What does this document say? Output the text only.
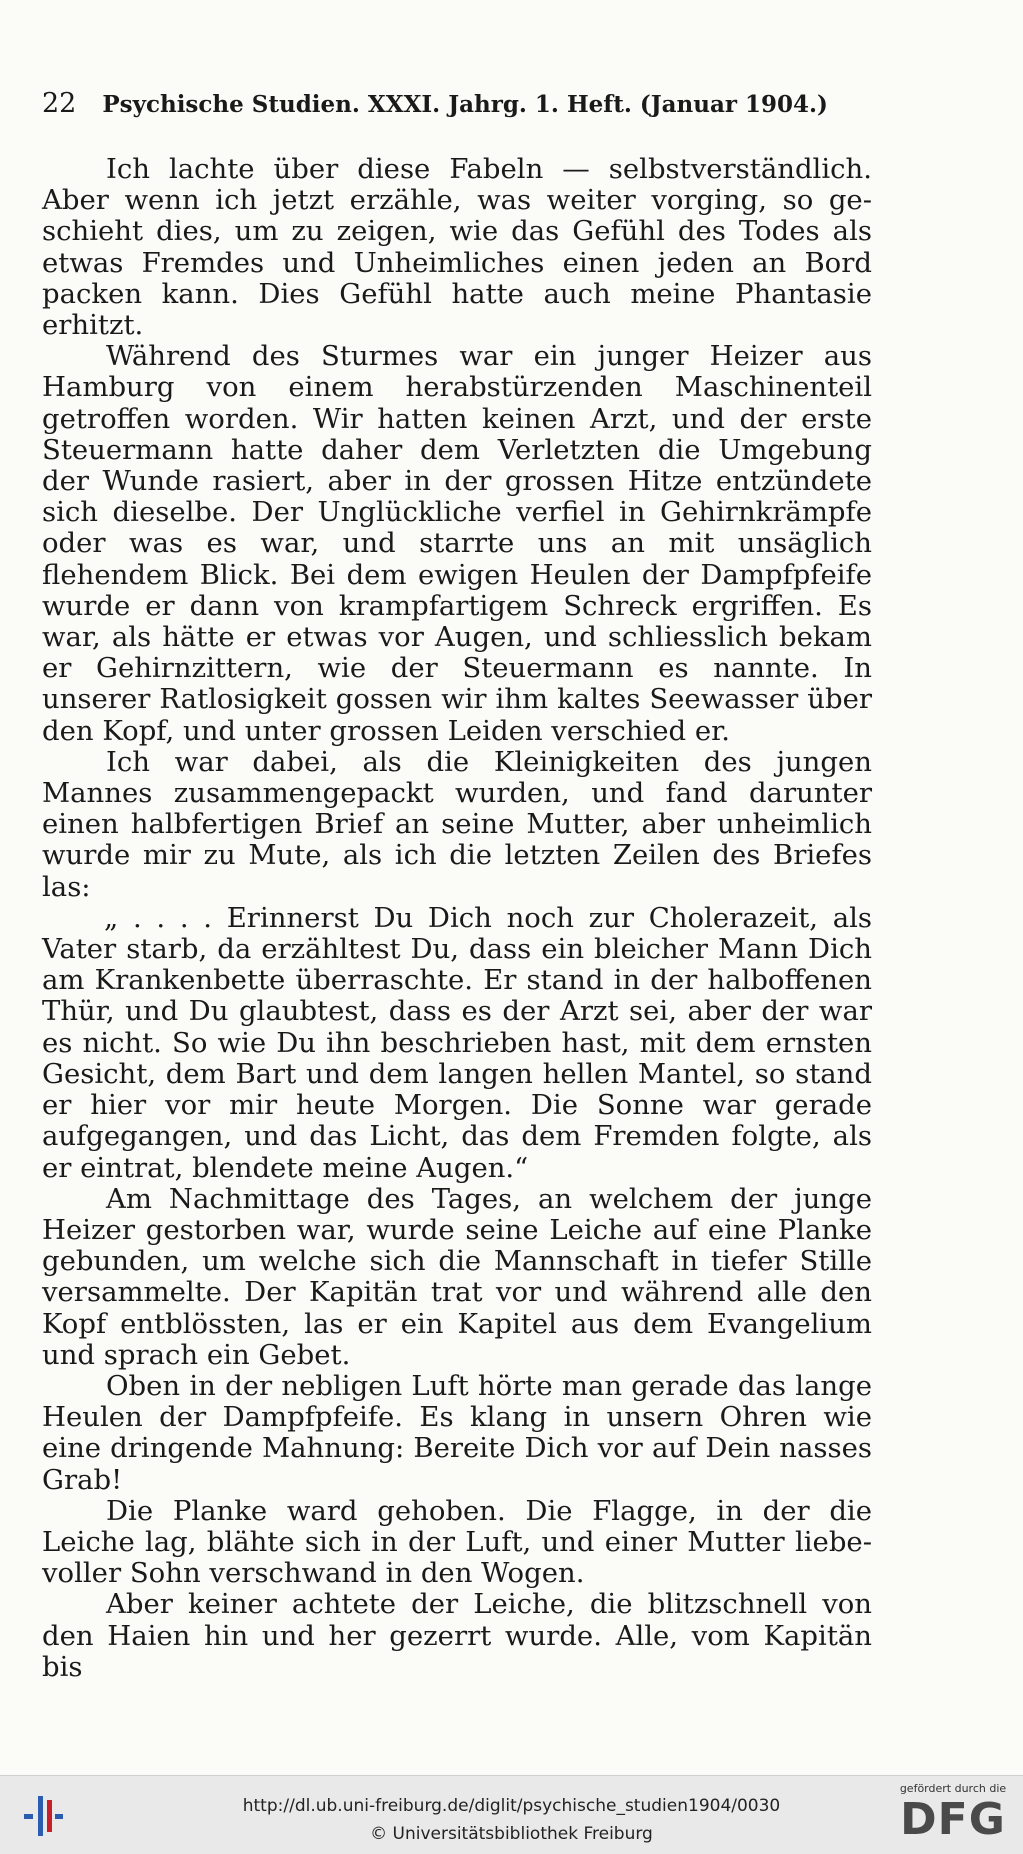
22 Psychische Studien. XXXI. Jahrg. 1. Heft. (Januar 1904.)

Ich lachte über diese Fabeln — selbstverständlich. Aber wenn ich jetzt erzähle, was weiter vorging, so geschieht dies, um zu zeigen, wie das Gefühl des Todes als etwas Fremdes und Unheimliches einen jeden an Bord packen kann. Dies Gefühl hatte auch meine Phantasie erhitzt.

Während des Sturmes war ein junger Heizer aus Hamburg von einem herabstürzenden Maschinenteil getroffen worden. Wir hatten keinen Arzt, und der erste Steuermann hatte daher dem Verletzten die Umgebung der Wunde rasiert, aber in der grossen Hitze entzündete sich dieselbe. Der Unglückliche verfiel in Gehirnkrämpfe oder was es war, und starrte uns an mit unsäglich flehendem Blick. Bei dem ewigen Heulen der Dampfpfeife wurde er dann von krampfartigem Schreck ergriffen. Es war, als hätte er etwas vor Augen, und schliesslich bekam er Gehirnzittern, wie der Steuermann es nannte. In unserer Ratlosigkeit gossen wir ihm kaltes Seewasser über den Kopf, und unter grossen Leiden verschied er.

Ich war dabei, als die Kleinigkeiten des jungen Mannes zusammengepackt wurden, und fand darunter einen halbfertigen Brief an seine Mutter, aber unheimlich wurde mir zu Mute, als ich die letzten Zeilen des Briefes las:

„ . . . . Erinnerst Du Dich noch zur Cholerazeit, als Vater starb, da erzähltest Du, dass ein bleicher Mann Dich am Krankenbette überraschte. Er stand in der halboffenen Thür, und Du glaubtest, dass es der Arzt sei, aber der war es nicht. So wie Du ihn beschrieben hast, mit dem ernsten Gesicht, dem Bart und dem langen hellen Mantel, so stand er hier vor mir heute Morgen. Die Sonne war gerade aufgegangen, und das Licht, das dem Fremden folgte, als er eintrat, blendete meine Augen.“

Am Nachmittage des Tages, an welchem der junge Heizer gestorben war, wurde seine Leiche auf eine Planke gebunden, um welche sich die Mannschaft in tiefer Stille versammelte. Der Kapitän trat vor und während alle den Kopf entblössten, las er ein Kapitel aus dem Evangelium und sprach ein Gebet.

Oben in der nebligen Luft hörte man gerade das lange Heulen der Dampfpfeife. Es klang in unsern Ohren wie eine dringende Mahnung: Bereite Dich vor auf Dein nasses Grab!

Die Planke ward gehoben. Die Flagge, in der die Leiche lag, blähte sich in der Luft, und einer Mutter liebevoller Sohn verschwand in den Wogen.

Aber keiner achtete der Leiche, die blitzschnell von den Haien hin und her gezerrt wurde. Alle, vom Kapitän bis

http://dl.ub.uni-freiburg.de/diglit/psychische_studien1904/0030
© Universitätsbibliothek Freiburg
gefördert durch die
DFG
